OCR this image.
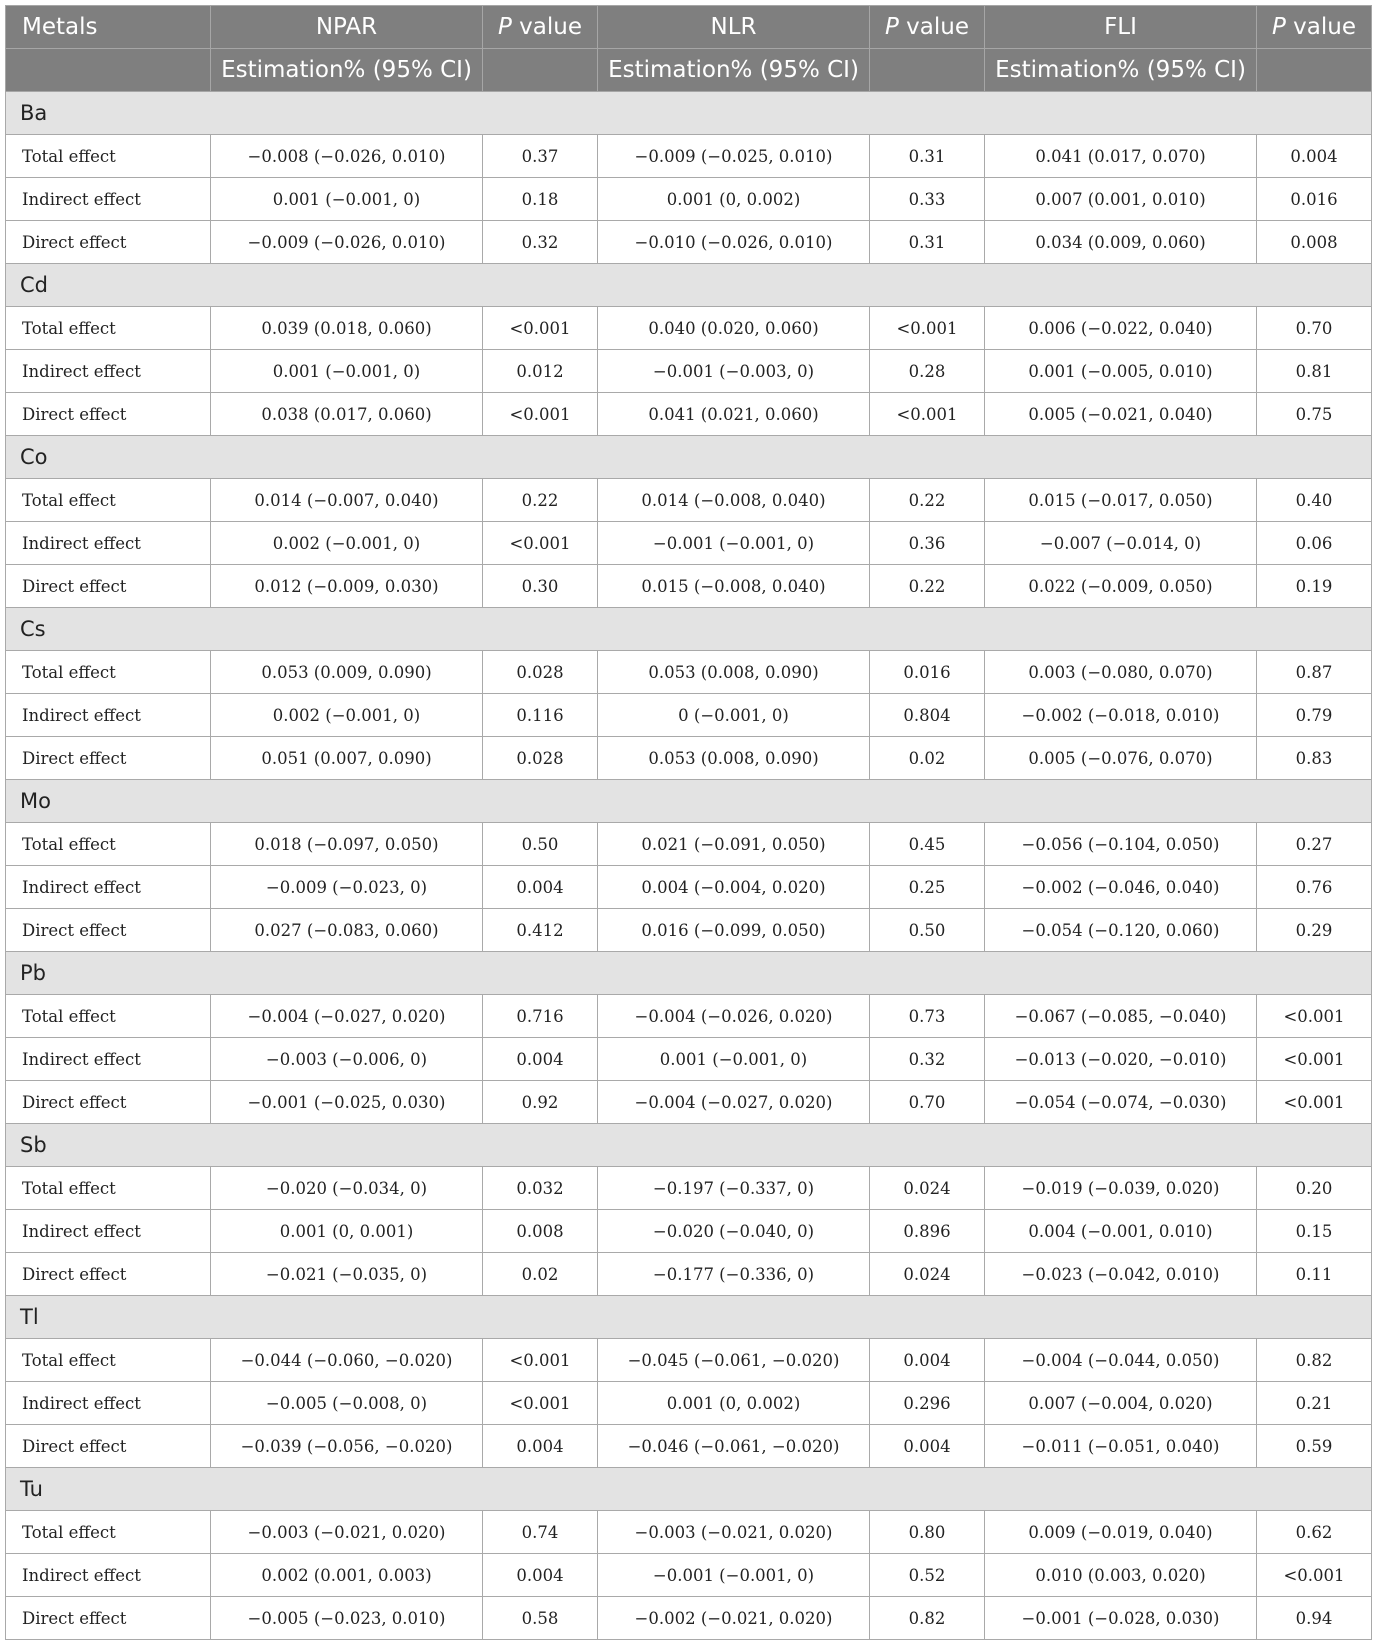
Metals	NPAR	P value	NLR	P value	FLI	P value
	Estimation% (95% CI)		Estimation% (95% CI)		Estimation% (95% CI)	
Ba						
Total effect	−0.008 (−0.026, 0.010)	0.37	−0.009 (−0.025, 0.010)	0.31	0.041 (0.017, 0.070)	0.004
Indirect effect	0.001 (−0.001, 0)	0.18	0.001 (0, 0.002)	0.33	0.007 (0.001, 0.010)	0.016
Direct effect	−0.009 (−0.026, 0.010)	0.32	−0.010 (−0.026, 0.010)	0.31	0.034 (0.009, 0.060)	0.008
Cd						
Total effect	0.039 (0.018, 0.060)	<0.001	0.040 (0.020, 0.060)	<0.001	0.006 (−0.022, 0.040)	0.70
Indirect effect	0.001 (−0.001, 0)	0.012	−0.001 (−0.003, 0)	0.28	0.001 (−0.005, 0.010)	0.81
Direct effect	0.038 (0.017, 0.060)	<0.001	0.041 (0.021, 0.060)	<0.001	0.005 (−0.021, 0.040)	0.75
Co						
Total effect	0.014 (−0.007, 0.040)	0.22	0.014 (−0.008, 0.040)	0.22	0.015 (−0.017, 0.050)	0.40
Indirect effect	0.002 (−0.001, 0)	<0.001	−0.001 (−0.001, 0)	0.36	−0.007 (−0.014, 0)	0.06
Direct effect	0.012 (−0.009, 0.030)	0.30	0.015 (−0.008, 0.040)	0.22	0.022 (−0.009, 0.050)	0.19
Cs						
Total effect	0.053 (0.009, 0.090)	0.028	0.053 (0.008, 0.090)	0.016	0.003 (−0.080, 0.070)	0.87
Indirect effect	0.002 (−0.001, 0)	0.116	0 (−0.001, 0)	0.804	−0.002 (−0.018, 0.010)	0.79
Direct effect	0.051 (0.007, 0.090)	0.028	0.053 (0.008, 0.090)	0.02	0.005 (−0.076, 0.070)	0.83
Mo						
Total effect	0.018 (−0.097, 0.050)	0.50	0.021 (−0.091, 0.050)	0.45	−0.056 (−0.104, 0.050)	0.27
Indirect effect	−0.009 (−0.023, 0)	0.004	0.004 (−0.004, 0.020)	0.25	−0.002 (−0.046, 0.040)	0.76
Direct effect	0.027 (−0.083, 0.060)	0.412	0.016 (−0.099, 0.050)	0.50	−0.054 (−0.120, 0.060)	0.29
Pb						
Total effect	−0.004 (−0.027, 0.020)	0.716	−0.004 (−0.026, 0.020)	0.73	−0.067 (−0.085, −0.040)	<0.001
Indirect effect	−0.003 (−0.006, 0)	0.004	0.001 (−0.001, 0)	0.32	−0.013 (−0.020, −0.010)	<0.001
Direct effect	−0.001 (−0.025, 0.030)	0.92	−0.004 (−0.027, 0.020)	0.70	−0.054 (−0.074, −0.030)	<0.001
Sb						
Total effect	−0.020 (−0.034, 0)	0.032	−0.197 (−0.337, 0)	0.024	−0.019 (−0.039, 0.020)	0.20
Indirect effect	0.001 (0, 0.001)	0.008	−0.020 (−0.040, 0)	0.896	0.004 (−0.001, 0.010)	0.15
Direct effect	−0.021 (−0.035, 0)	0.02	−0.177 (−0.336, 0)	0.024	−0.023 (−0.042, 0.010)	0.11
Tl						
Total effect	−0.044 (−0.060, −0.020)	<0.001	−0.045 (−0.061, −0.020)	0.004	−0.004 (−0.044, 0.050)	0.82
Indirect effect	−0.005 (−0.008, 0)	<0.001	0.001 (0, 0.002)	0.296	0.007 (−0.004, 0.020)	0.21
Direct effect	−0.039 (−0.056, −0.020)	0.004	−0.046 (−0.061, −0.020)	0.004	−0.011 (−0.051, 0.040)	0.59
Tu						
Total effect	−0.003 (−0.021, 0.020)	0.74	−0.003 (−0.021, 0.020)	0.80	0.009 (−0.019, 0.040)	0.62
Indirect effect	0.002 (0.001, 0.003)	0.004	−0.001 (−0.001, 0)	0.52	0.010 (0.003, 0.020)	<0.001
Direct effect	−0.005 (−0.023, 0.010)	0.58	−0.002 (−0.021, 0.020)	0.82	−0.001 (−0.028, 0.030)	0.94
